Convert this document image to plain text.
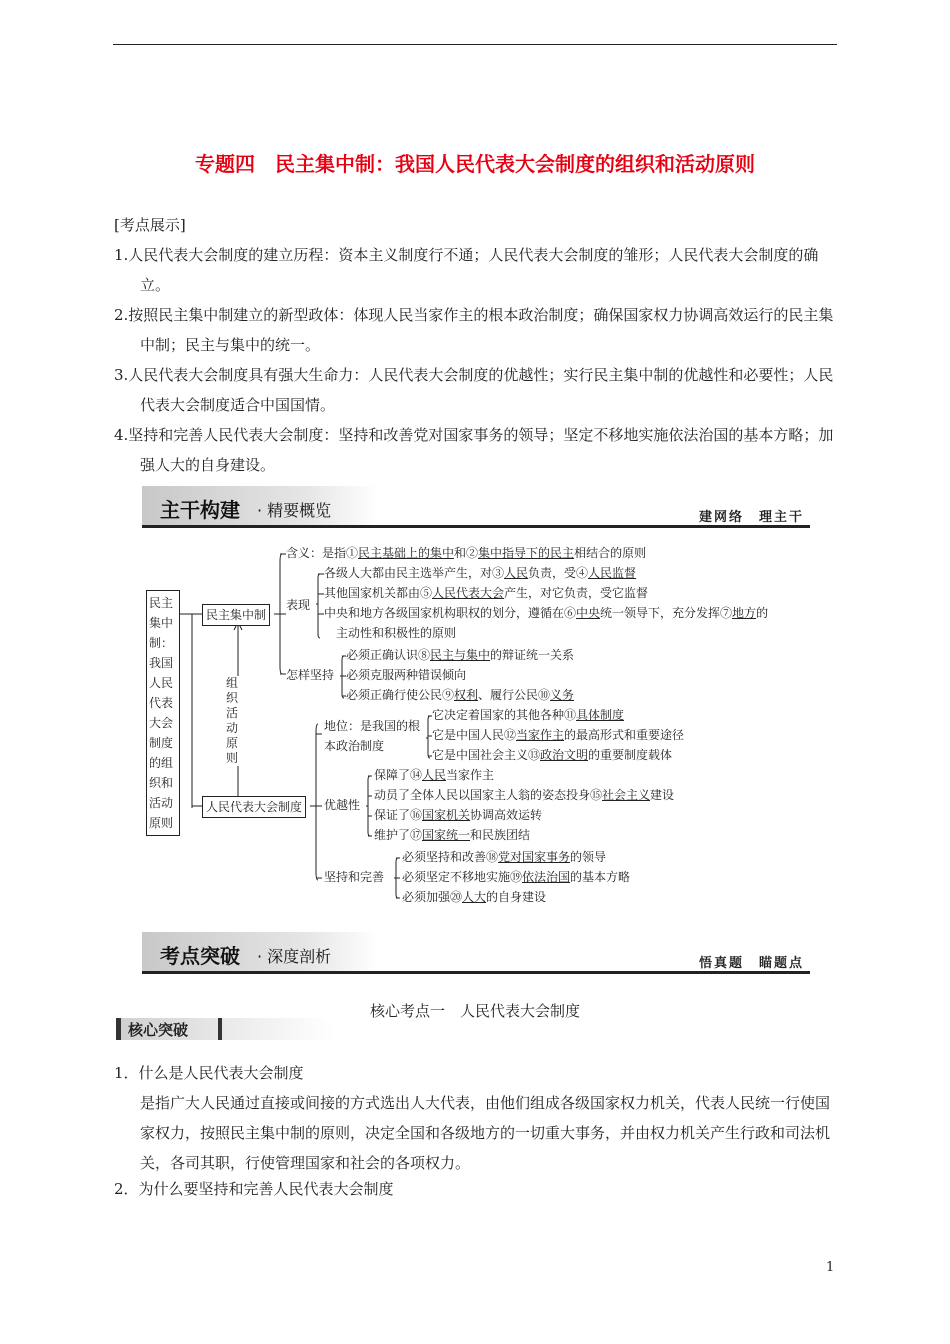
专题四　民主集中制：我国人民代表大会制度的组织和活动原则
[考点展示]
1.人民代表大会制度的建立历程：资本主义制度行不通；人民代表大会制度的雏形；人民代表大会制度的确立。
2.按照民主集中制建立的新型政体：体现人民当家作主的根本政治制度；确保国家权力协调高效运行的民主集中制；民主与集中的统一。
3.人民代表大会制度具有强大生命力：人民代表大会制度的优越性；实行民主集中制的优越性和必要性；人民代表大会制度适合中国国情。
4.坚持和完善人民代表大会制度：坚持和改善党对国家事务的领导；坚定不移地实施依法治国的基本方略；加强人大的自身建设。
主干构建 · 精要概览	建网络　理主干
民主集中制：我国人民代表大会制度的组织和活动原则
组织活动原则
民主集中制
人民代表大会制度
含义：是指①民主基础上的集中和②集中指导下的民主相结合的原则
表现
各级人大都由民主选举产生，对③人民负责，受④人民监督
其他国家机关都由⑤人民代表大会产生，对它负责，受它监督
中央和地方各级国家机构职权的划分，遵循在⑥中央统一领导下，充分发挥⑦地方的
主动性和积极性的原则
怎样坚持
必须正确认识⑧民主与集中的辩证统一关系
必须克服两种错误倾向
必须正确行使公民⑨权利、履行公民⑩义务
地位：是我国的根本政治制度
它决定着国家的其他各种⑪具体制度
它是中国人民⑫当家作主的最高形式和重要途径
它是中国社会主义⑬政治文明的重要制度载体
优越性
保障了⑭人民当家作主
动员了全体人民以国家主人翁的姿态投身⑮社会主义建设
保证了⑯国家机关协调高效运转
维护了⑰国家统一和民族团结
坚持和完善
必须坚持和改善⑱党对国家事务的领导
必须坚定不移地实施⑲依法治国的基本方略
必须加强⑳人大的自身建设
考点突破 · 深度剖析	悟真题　瞄题点
核心考点一　人民代表大会制度
核心突破
1．什么是人民代表大会制度
是指广大人民通过直接或间接的方式选出人大代表，由他们组成各级国家权力机关，代表人民统一行使国家权力，按照民主集中制的原则，决定全国和各级地方的一切重大事务，并由权力机关产生行政和司法机关，各司其职，行使管理国家和社会的各项权力。
2．为什么要坚持和完善人民代表大会制度
1
